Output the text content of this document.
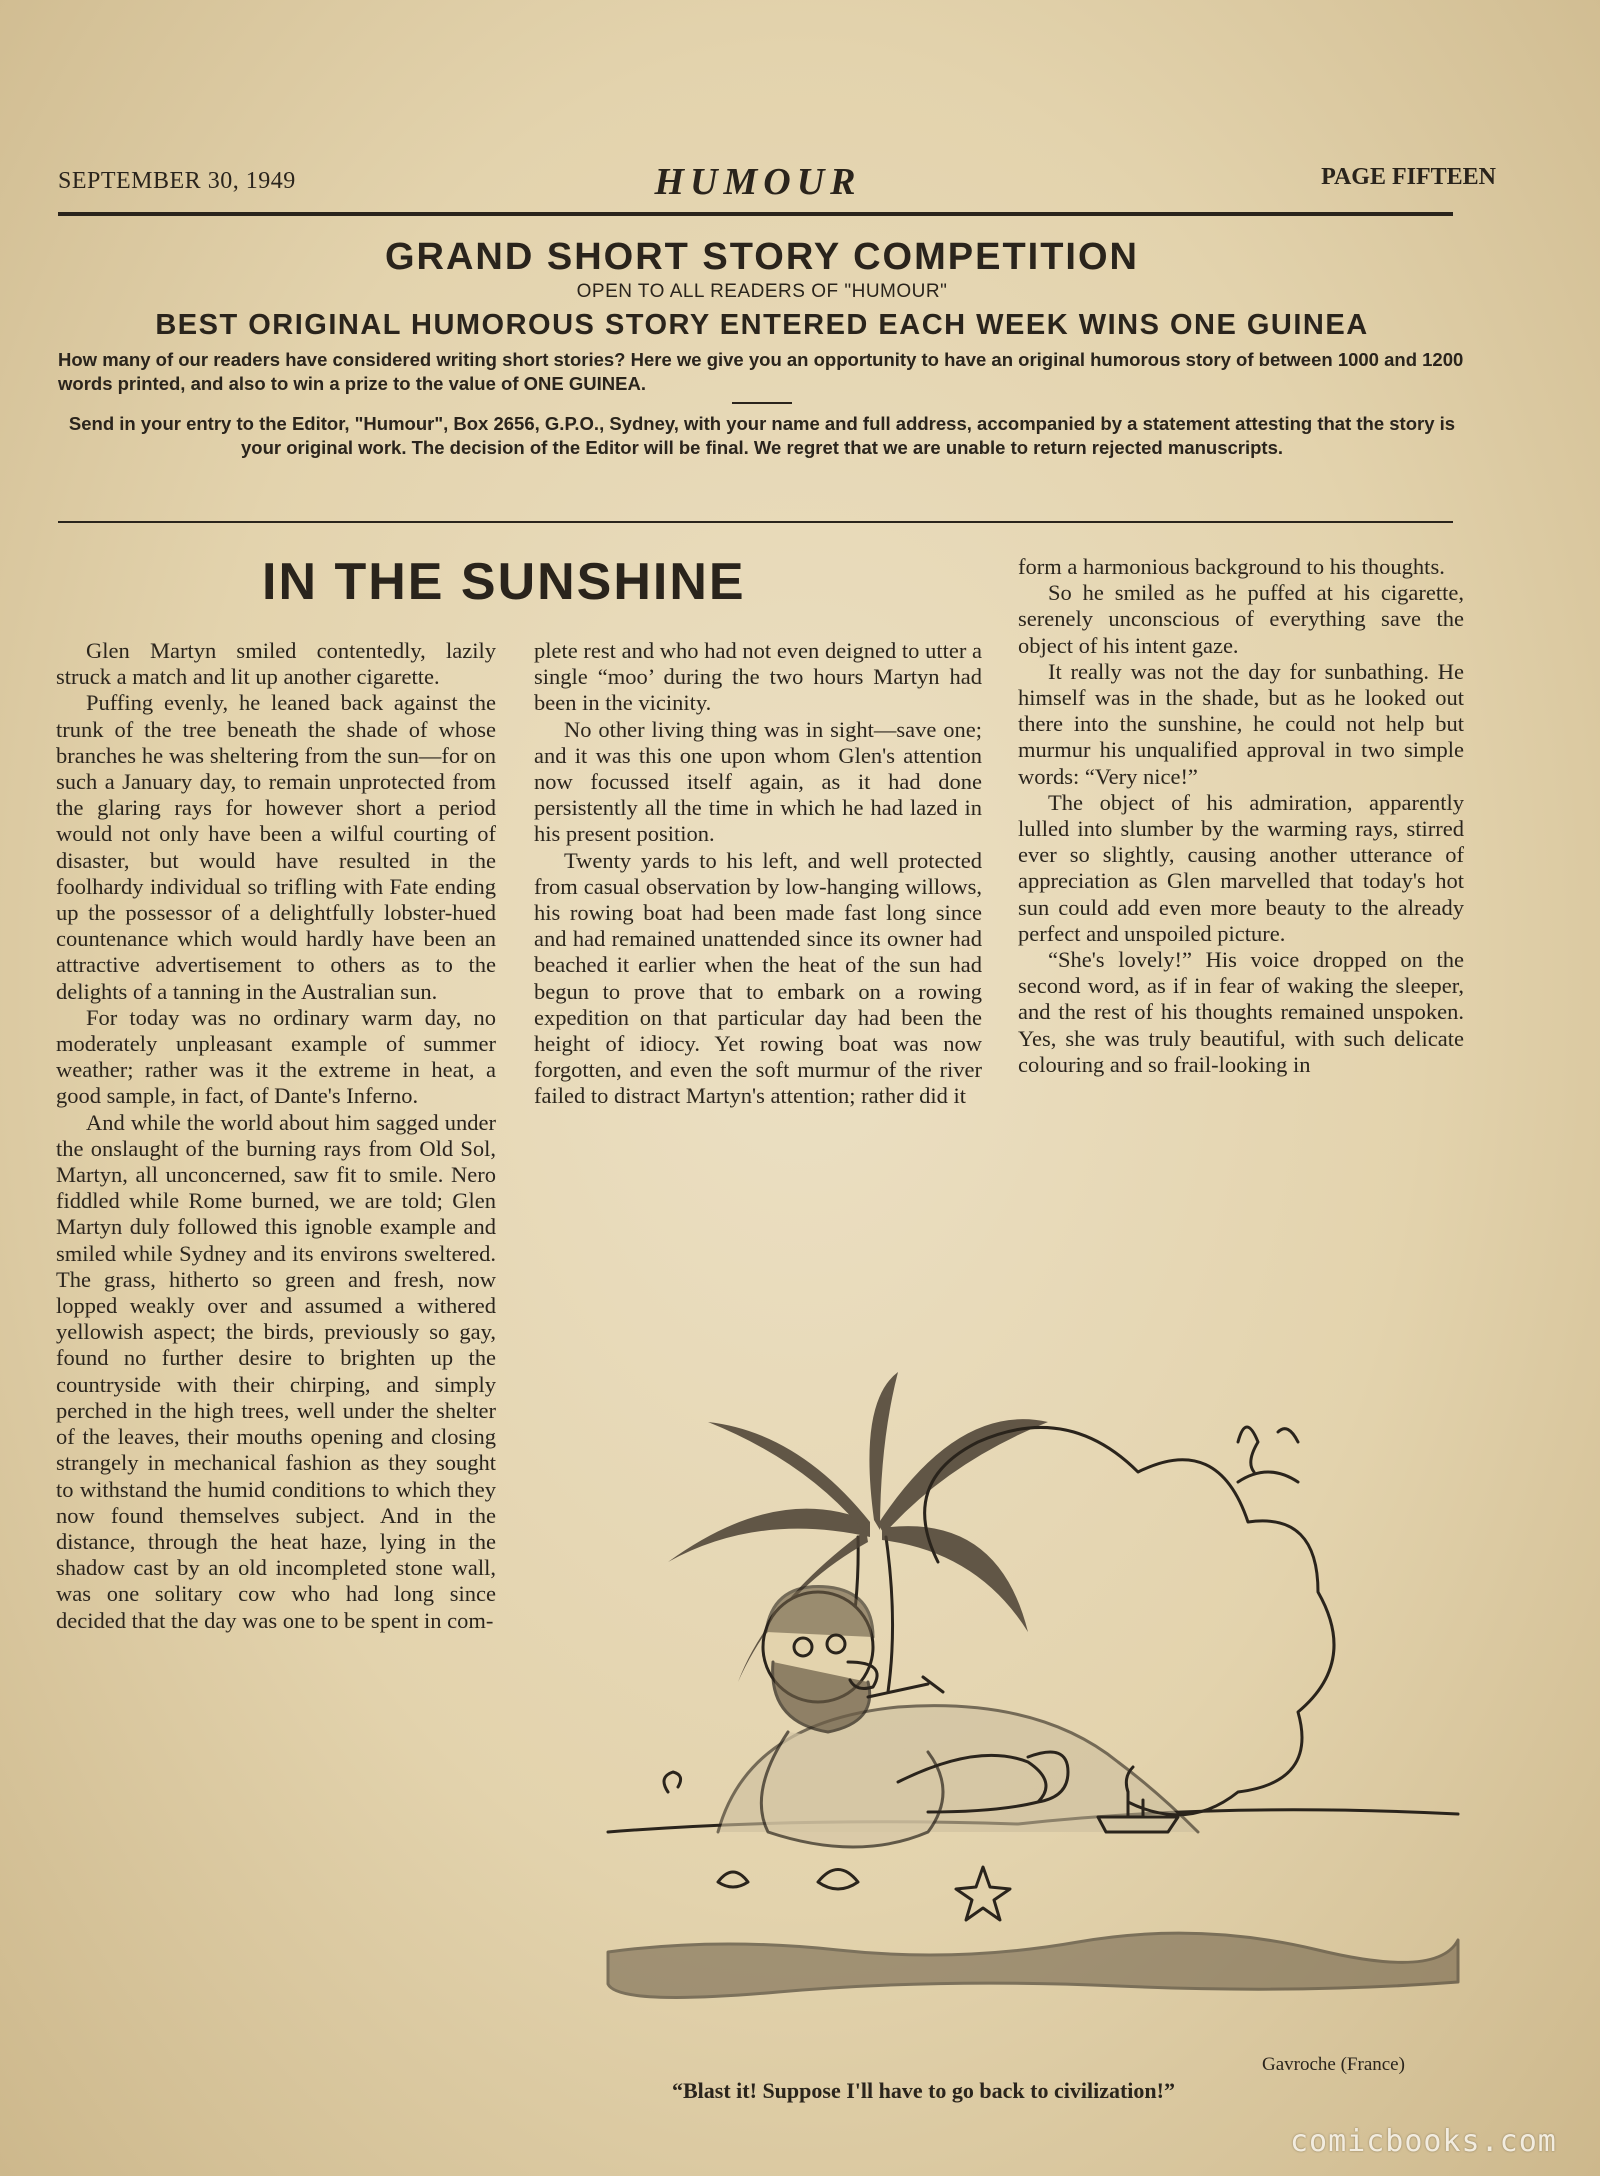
SEPTEMBER 30, 1949	HUMOUR	PAGE FIFTEEN
GRAND SHORT STORY COMPETITION
OPEN TO ALL READERS OF "HUMOUR"
BEST ORIGINAL HUMOROUS STORY ENTERED EACH WEEK WINS ONE GUINEA
How many of our readers have considered writing short stories? Here we give you an opportunity to have an original humorous story of between 1000 and 1200 words printed, and also to win a prize to the value of ONE GUINEA.
Send in your entry to the Editor, "Humour", Box 2656, G.P.O., Sydney, with your name and full address, accompanied by a statement attesting that the story is your original work. The decision of the Editor will be final. We regret that we are unable to return rejected manuscripts.
IN THE SUNSHINE

Glen Martyn smiled contentedly, lazily struck a match and lit up another cigarette.

Puffing evenly, he leaned back against the trunk of the tree beneath the shade of whose branches he was sheltering from the sun—for on such a January day, to remain unprotected from the glaring rays for however short a period would not only have been a wilful courting of disaster, but would have resulted in the foolhardy individual so trifling with Fate ending up the possessor of a delightfully lobster-hued countenance which would hardly have been an attractive advertisement to others as to the delights of a tanning in the Australian sun.

For today was no ordinary warm day, no moderately unpleasant example of summer weather; rather was it the extreme in heat, a good sample, in fact, of Dante's Inferno.

And while the world about him sagged under the onslaught of the burning rays from Old Sol, Martyn, all unconcerned, saw fit to smile. Nero fiddled while Rome burned, we are told; Glen Martyn duly followed this ignoble example and smiled while Sydney and its environs sweltered. The grass, hitherto so green and fresh, now lopped weakly over and assumed a withered yellowish aspect; the birds, previously so gay, found no further desire to brighten up the countryside with their chirping, and simply perched in the high trees, well under the shelter of the leaves, their mouths opening and closing strangely in mechanical fashion as they sought to withstand the humid conditions to which they now found themselves subject. And in the distance, through the heat haze, lying in the shadow cast by an old incompleted stone wall, was one solitary cow who had long since decided that the day was one to be spent in com-

plete rest and who had not even deigned to utter a single “moo’ during the two hours Martyn had been in the vicinity.

No other living thing was in sight—save one; and it was this one upon whom Glen's attention now focussed itself again, as it had done persistently all the time in which he had lazed in his present position.

Twenty yards to his left, and well protected from casual observation by low-hanging willows, his rowing boat had been made fast long since and had remained unattended since its owner had beached it earlier when the heat of the sun had begun to prove that to embark on a rowing expedition on that particular day had been the height of idiocy. Yet rowing boat was now forgotten, and even the soft murmur of the river failed to distract Martyn's attention; rather did it

form a harmonious background to his thoughts.

So he smiled as he puffed at his cigarette, serenely unconscious of everything save the object of his intent gaze.

It really was not the day for sunbathing. He himself was in the shade, but as he looked out there into the sunshine, he could not help but murmur his unqualified approval in two simple words: “Very nice!”

The object of his admiration, apparently lulled into slumber by the warming rays, stirred ever so slightly, causing another utterance of appreciation as Glen marvelled that today's hot sun could add even more beauty to the already perfect and unspoiled picture.

“She's lovely!” His voice dropped on the second word, as if in fear of waking the sleeper, and the rest of his thoughts remained unspoken. Yes, she was truly beautiful, with such delicate colouring and so frail-looking in

Gavroche (France)
“Blast it! Suppose I'll have to go back to civilization!”
comicbooks.com
